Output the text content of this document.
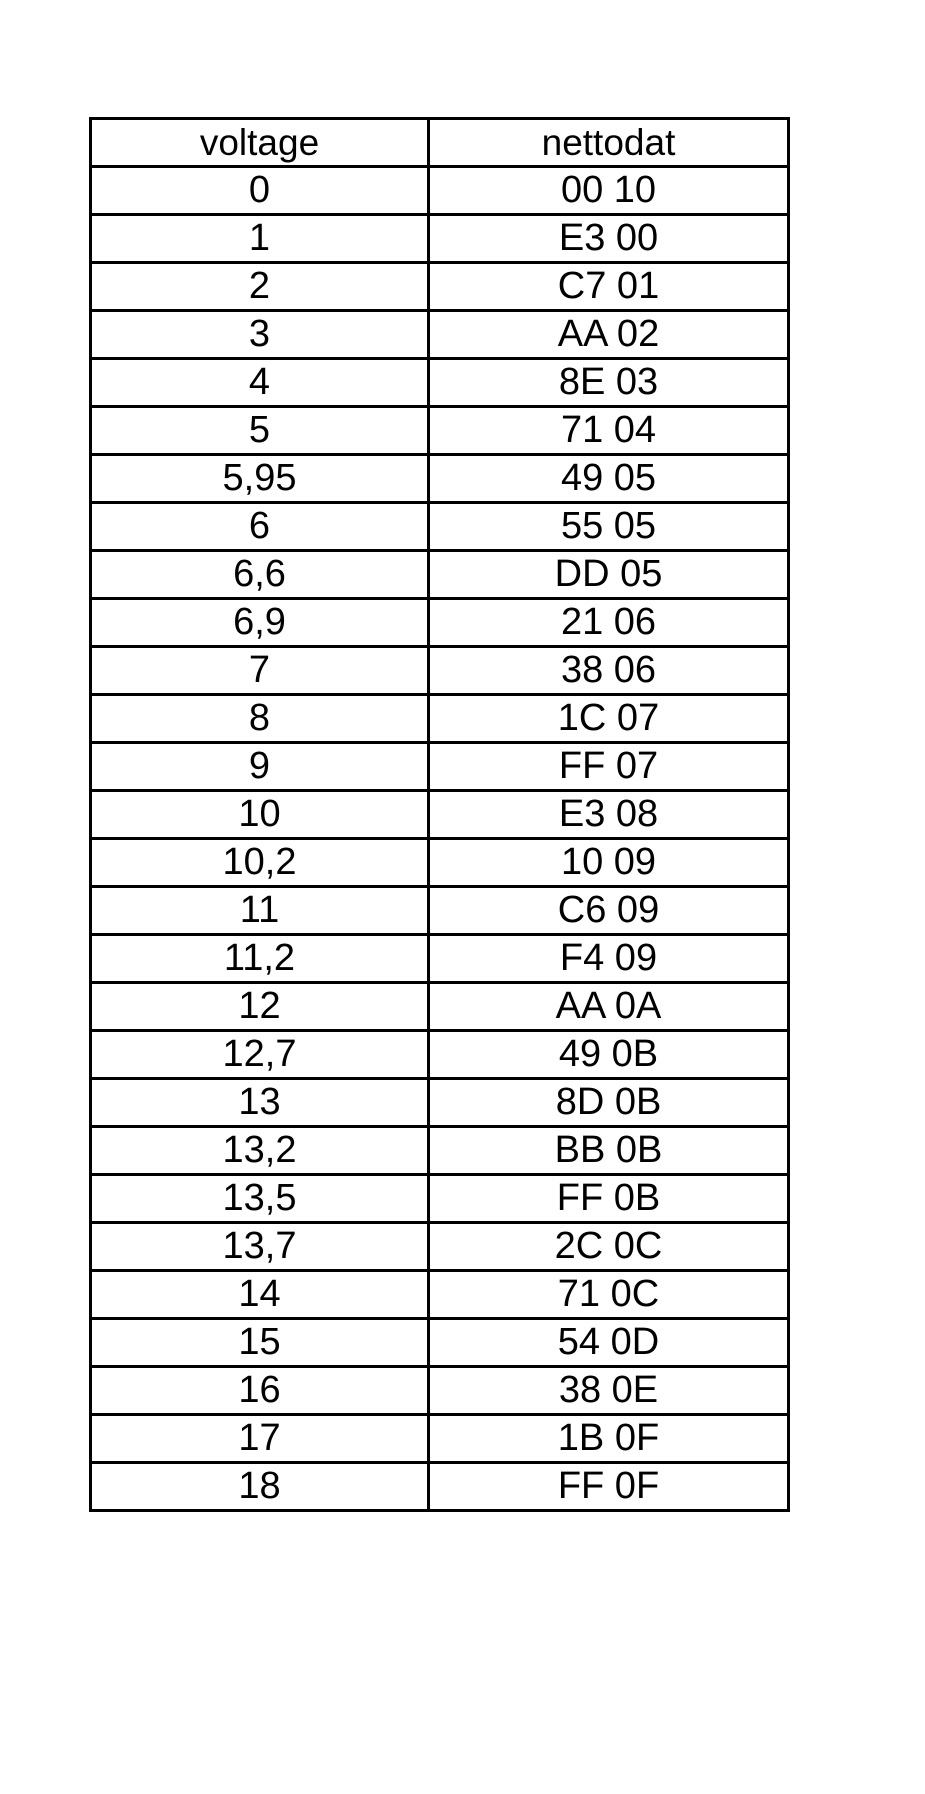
voltage	nettodat
0	00 10
1	E3 00
2	C7 01
3	AA 02
4	8E 03
5	71 04
5,95	49 05
6	55 05
6,6	DD 05
6,9	21 06
7	38 06
8	1C 07
9	FF 07
10	E3 08
10,2	10 09
11	C6 09
11,2	F4 09
12	AA 0A
12,7	49 0B
13	8D 0B
13,2	BB 0B
13,5	FF 0B
13,7	2C 0C
14	71 0C
15	54 0D
16	38 0E
17	1B 0F
18	FF 0F
